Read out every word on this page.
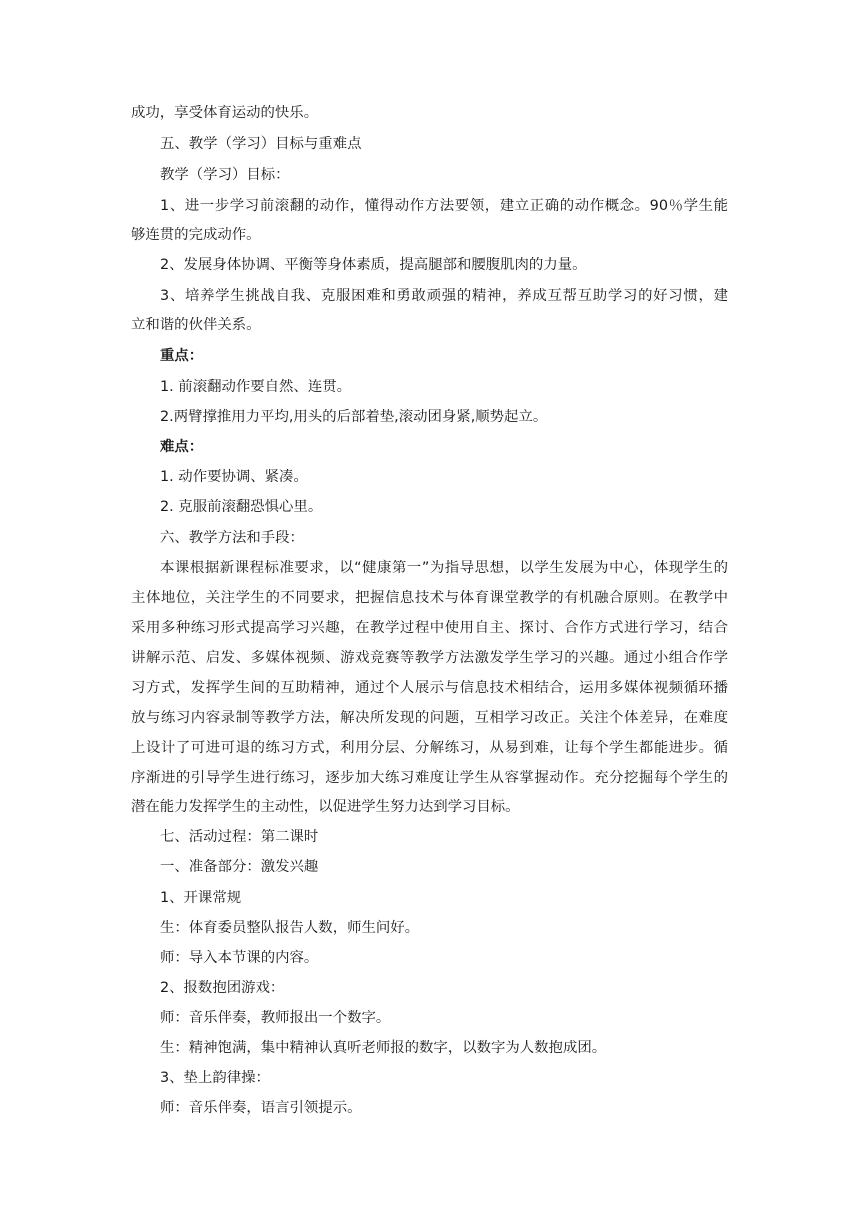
成功，享受体育运动的快乐。
五、教学（学习）目标与重难点
教学（学习）目标：
1、进一步学习前滚翻的动作，懂得动作方法要领，建立正确的动作概念。90％学生能
够连贯的完成动作。
2、发展身体协调、平衡等身体素质，提高腿部和腰腹肌肉的力量。
3、培养学生挑战自我、克服困难和勇敢顽强的精神，养成互帮互助学习的好习惯，建
立和谐的伙伴关系。
重点：
1. 前滚翻动作要自然、连贯。
2.两臂撑推用力平均,用头的后部着垫,滚动团身紧,顺势起立。
难点：
1. 动作要协调、紧凑。
2. 克服前滚翻恐惧心里。
六、教学方法和手段：
本课根据新课程标准要求，以“健康第一”为指导思想，以学生发展为中心，体现学生的
主体地位，关注学生的不同要求，把握信息技术与体育课堂教学的有机融合原则。在教学中
采用多种练习形式提高学习兴趣，在教学过程中使用自主、探讨、合作方式进行学习，结合
讲解示范、启发、多媒体视频、游戏竞赛等教学方法激发学生学习的兴趣。通过小组合作学
习方式，发挥学生间的互助精神，通过个人展示与信息技术相结合，运用多媒体视频循环播
放与练习内容录制等教学方法，解决所发现的问题，互相学习改正。关注个体差异，在难度
上设计了可进可退的练习方式，利用分层、分解练习，从易到难，让每个学生都能进步。循
序渐进的引导学生进行练习，逐步加大练习难度让学生从容掌握动作。充分挖掘每个学生的
潜在能力发挥学生的主动性，以促进学生努力达到学习目标。
七、活动过程：第二课时
一、准备部分：激发兴趣
1、开课常规
生：体育委员整队报告人数，师生问好。
师：导入本节课的内容。
2、报数抱团游戏：
师：音乐伴奏，教师报出一个数字。
生：精神饱满，集中精神认真听老师报的数字，以数字为人数抱成团。
3、垫上韵律操：
师：音乐伴奏，语言引领提示。
